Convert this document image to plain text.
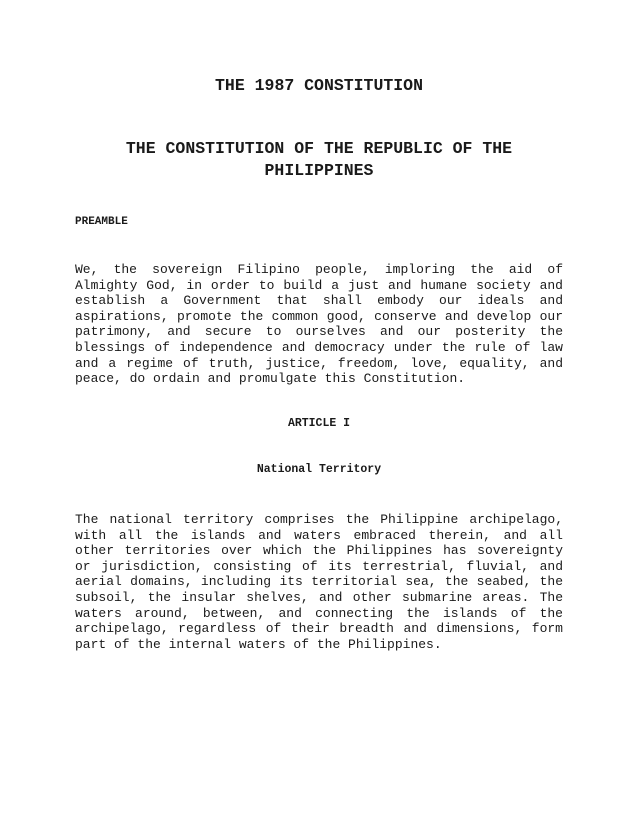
THE 1987 CONSTITUTION
THE CONSTITUTION OF THE REPUBLIC OF THE PHILIPPINES
PREAMBLE

We, the sovereign Filipino people, imploring the aid of Almighty God, in order to build a just and humane society and establish a Government that shall embody our ideals and aspirations, promote the common good, conserve and develop our patrimony, and secure to ourselves and our posterity the blessings of independence and democracy under the rule of law and a regime of truth, justice, freedom, love, equality, and peace, do ordain and promulgate this Constitution.

ARTICLE I
National Territory

The national territory comprises the Philippine archipelago, with all the islands and waters embraced therein, and all other territories over which the Philippines has sovereignty or jurisdiction, consisting of its terrestrial, fluvial, and aerial domains, including its territorial sea, the seabed, the subsoil, the insular shelves, and other submarine areas. The waters around, between, and connecting the islands of the archipelago, regardless of their breadth and dimensions, form part of the internal waters of the Philippines.
